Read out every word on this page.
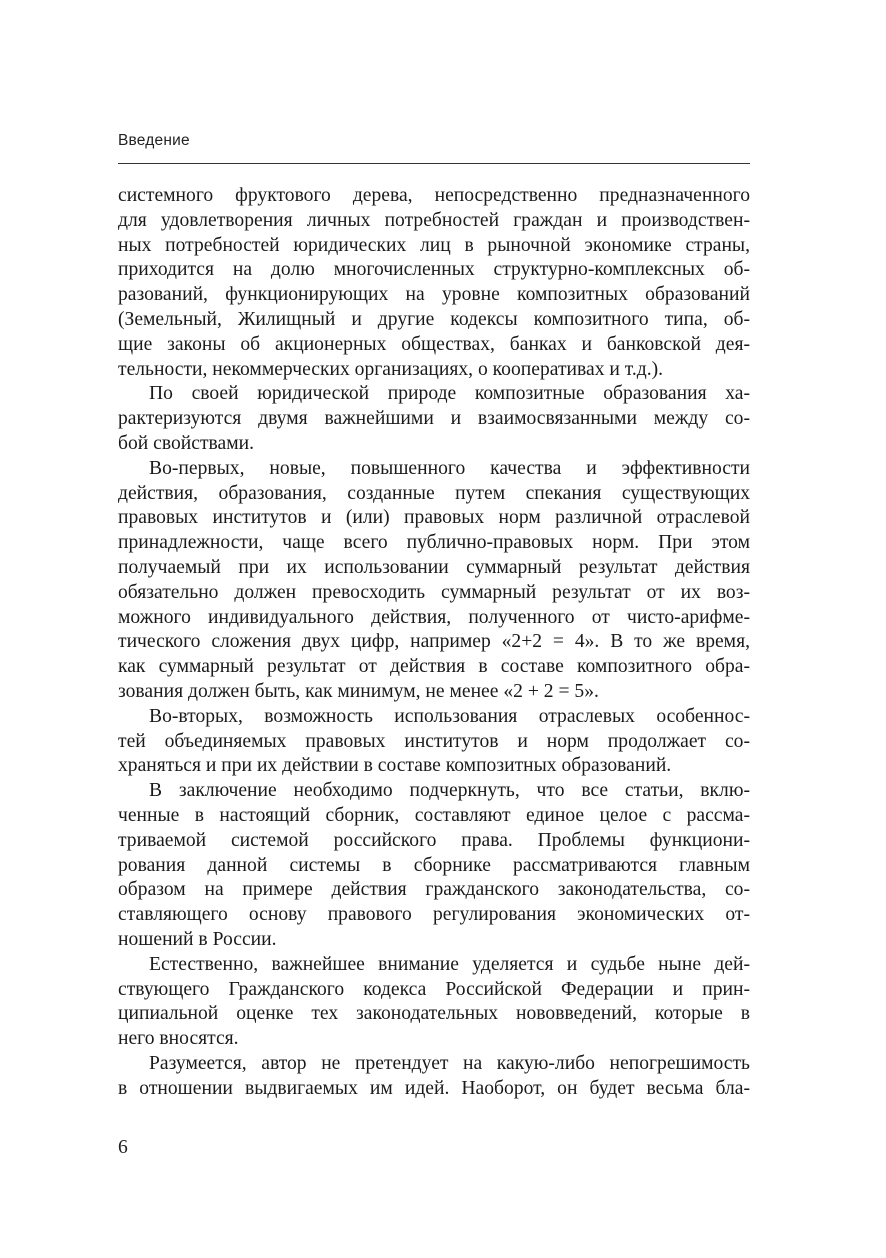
Введение

системного фруктового дерева, непосредственно предназначенного
для удовлетворения личных потребностей граждан и производствен-
ных потребностей юридических лиц в рыночной экономике страны,
приходится на долю многочисленных структурно-комплексных об-
разований, функционирующих на уровне композитных образований
(Земельный, Жилищный и другие кодексы композитного типа, об-
щие законы об акционерных обществах, банках и банковской дея-
тельности, некоммерческих организациях, о кооперативах и т.д.).

По своей юридической природе композитные образования ха-
рактеризуются двумя важнейшими и взаимосвязанными между со-
бой свойствами.

Во-первых, новые, повышенного качества и эффективности
действия, образования, созданные путем спекания существующих
правовых институтов и (или) правовых норм различной отраслевой
принадлежности, чаще всего публично-правовых норм. При этом
получаемый при их использовании суммарный результат действия
обязательно должен превосходить суммарный результат от их воз-
можного индивидуального действия, полученного от чисто-арифме-
тического сложения двух цифр, например «2+2 = 4». В то же время,
как суммарный результат от действия в составе композитного обра-
зования должен быть, как минимум, не менее «2 + 2 = 5».

Во-вторых, возможность использования отраслевых особеннос-
тей объединяемых правовых институтов и норм продолжает со-
храняться и при их действии в составе композитных образований.

В заключение необходимо подчеркнуть, что все статьи, вклю-
ченные в настоящий сборник, составляют единое целое с рассма-
триваемой системой российского права. Проблемы функциони-
рования данной системы в сборнике рассматриваются главным
образом на примере действия гражданского законодательства, со-
ставляющего основу правового регулирования экономических от-
ношений в России.

Естественно, важнейшее внимание уделяется и судьбе ныне дей-
ствующего Гражданского кодекса Российской Федерации и прин-
ципиальной оценке тех законодательных нововведений, которые в
него вносятся.

Разумеется, автор не претендует на какую-либо непогрешимость
в отношении выдвигаемых им идей. Наоборот, он будет весьма бла-

6
